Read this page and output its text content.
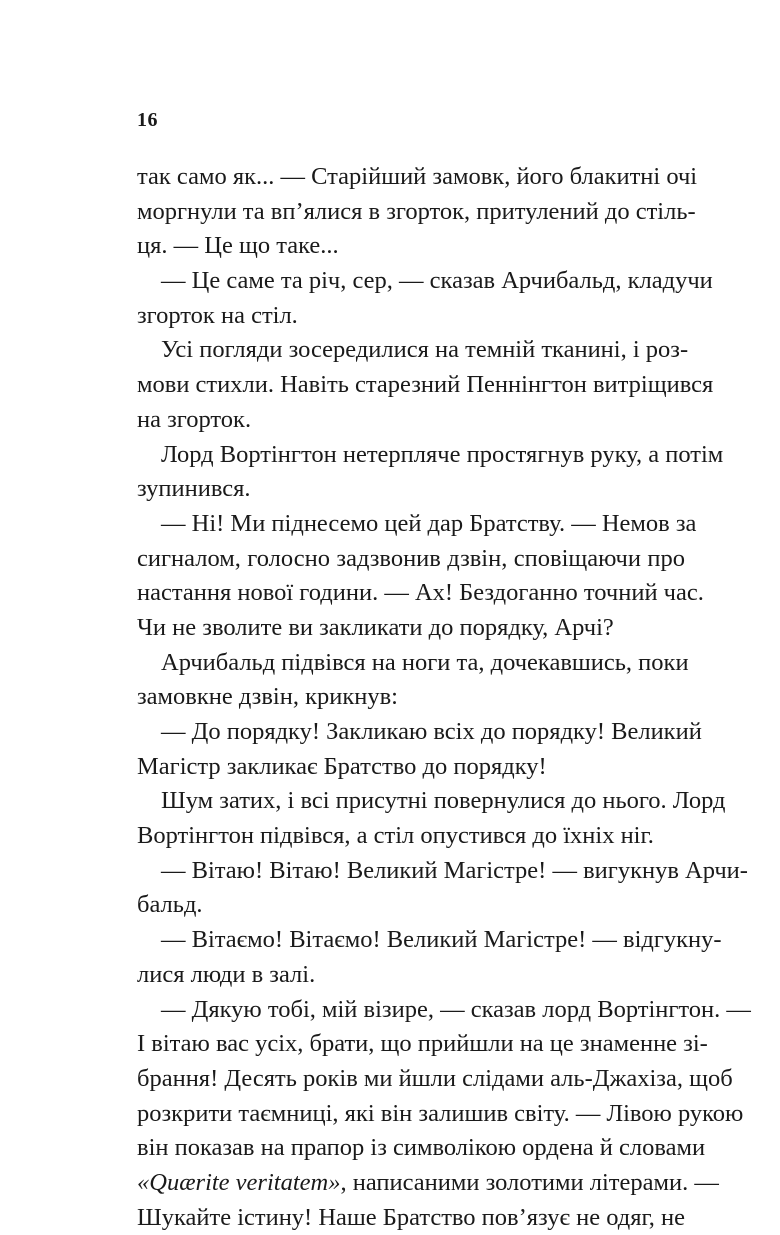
16
так само як... — Старійший замовк, його блакитні очі
моргнули та вп’ялися в згорток, притулений до стіль-
ця. — Це що таке...
— Це саме та річ, сер, — сказав Арчибальд, кладучи
згорток на стіл.
Усі погляди зосередилися на темній тканині, і роз-
мови стихли. Навіть старезний Пеннінгтон витріщився
на згорток.
Лорд Вортінгтон нетерпляче простягнув руку, а потім
зупинився.
— Ні! Ми піднесемо цей дар Братству. — Немов за
сигналом, голосно задзвонив дзвін, сповіщаючи про
настання нової години. — Ах! Бездоганно точний час.
Чи не зволите ви закликати до порядку, Арчі?
Арчибальд підвівся на ноги та, дочекавшись, поки
замовкне дзвін, крикнув:
— До порядку! Закликаю всіх до порядку! Великий
Магістр закликає Братство до порядку!
Шум затих, і всі присутні повернулися до нього. Лорд
Вортінгтон підвівся, а стіл опустився до їхніх ніг.
— Вітаю! Вітаю! Великий Магістре! — вигукнув Арчи-
бальд.
— Вітаємо! Вітаємо! Великий Магістре! — відгукну-
лися люди в залі.
— Дякую тобі, мій візире, — сказав лорд Вортінгтон. —
І вітаю вас усіх, брати, що прийшли на це знаменне зі-
брання! Десять років ми йшли слідами аль-Джахіза, щоб
розкрити таємниці, які він залишив світу. — Лівою рукою
він показав на прапор із символікою ордена й словами
«Quærite veritatem», написаними золотими літерами. —
Шукайте істину! Наше Братство пов’язує не одяг, не
